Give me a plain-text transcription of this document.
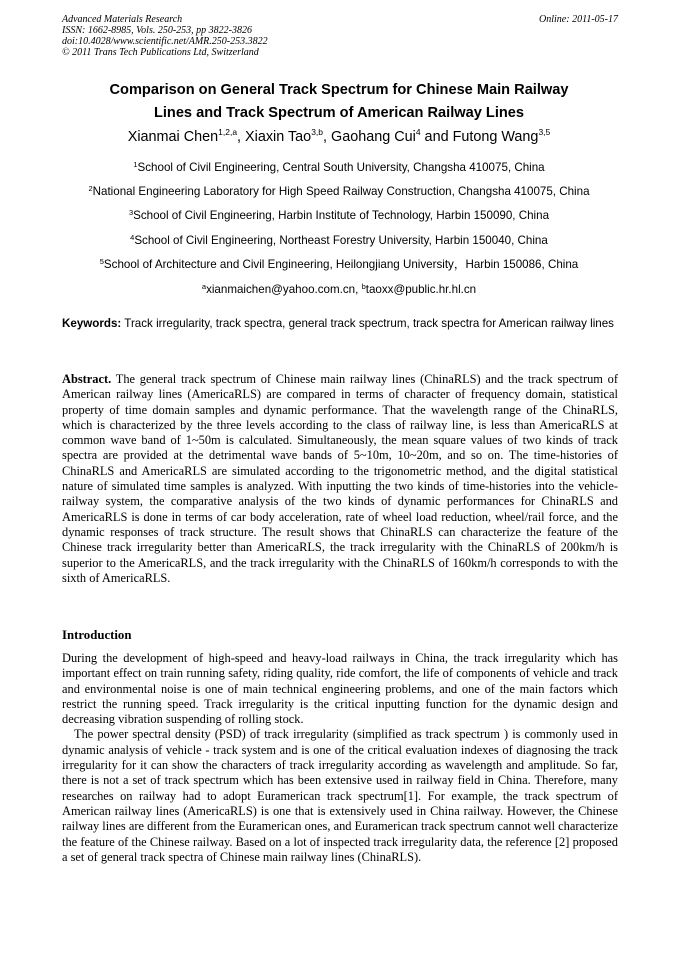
Advanced Materials Research
ISSN: 1662-8985, Vols. 250-253, pp 3822-3826
doi:10.4028/www.scientific.net/AMR.250-253.3822
© 2011 Trans Tech Publications Ltd, Switzerland
Online: 2011-05-17
Comparison on General Track Spectrum for Chinese Main Railway
Lines and Track Spectrum of American Railway Lines
Xianmai Chen$^{1,2,a}$, Xiaxin Tao$^{3,b}$, Gaohang Cui$^4$ and Futong Wang$^{3,5}$
$^1$School of Civil Engineering, Central South University, Changsha 410075, China
$^2$National Engineering Laboratory for High Speed Railway Construction, Changsha 410075, China
$^3$School of Civil Engineering, Harbin Institute of Technology, Harbin 150090, China
$^4$School of Civil Engineering, Northeast Forestry University, Harbin 150040, China
$^5$School of Architecture and Civil Engineering, Heilongjiang University，Harbin 150086, China
$^a$xianmaichen@yahoo.com.cn, $^b$taoxx@public.hr.hl.cn
Keywords: Track irregularity, track spectra, general track spectrum, track spectra for American railway lines
Abstract. The general track spectrum of Chinese main railway lines (ChinaRLS) and the track spectrum of American railway lines (AmericaRLS) are compared in terms of character of frequency domain, statistical property of time domain samples and dynamic performance. That the wavelength range of the ChinaRLS, which is characterized by the three levels according to the class of railway line, is less than AmericaRLS at common wave band of 1~50m is calculated. Simultaneously, the mean square values of two kinds of track spectra are provided at the detrimental wave bands of 5~10m, 10~20m, and so on. The time-histories of ChinaRLS and AmericaRLS are simulated according to the trigonometric method, and the digital statistical nature of simulated time samples is analyzed. With inputting the two kinds of time-histories into the vehicle-railway system, the comparative analysis of the two kinds of dynamic performances for ChinaRLS and AmericaRLS is done in terms of car body acceleration, rate of wheel load reduction, wheel/rail force, and the dynamic responses of track structure. The result shows that ChinaRLS can characterize the feature of the Chinese track irregularity better than AmericaRLS, the track irregularity with the ChinaRLS of 200km/h is superior to the AmericaRLS, and the track irregularity with the ChinaRLS of 160km/h corresponds to with the sixth of AmericaRLS.
Introduction

During the development of high-speed and heavy-load railways in China, the track irregularity which has important effect on train running safety, riding quality, ride comfort, the life of components of vehicle and track and environmental noise is one of main technical engineering problems, and one of the main factors which restrict the running speed. Track irregularity is the critical inputting function for the dynamic design and decreasing vibration suspending of rolling stock.

The power spectral density (PSD) of track irregularity (simplified as track spectrum ) is commonly used in dynamic analysis of vehicle - track system and is one of the critical evaluation indexes of diagnosing the track irregularity for it can show the characters of track irregularity according as wavelength and amplitude. So far, there is not a set of track spectrum which has been extensive used in railway field in China. Therefore, many researches on railway had to adopt Euramerican track spectrum[1]. For example, the track spectrum of American railway lines (AmericaRLS) is one that is extensively used in China railway. However, the Chinese railway lines are different from the Euramerican ones, and Euramerican track spectrum cannot well characterize the feature of the Chinese railway. Based on a lot of inspected track irregularity data, the reference [2] proposed a set of general track spectra of Chinese main railway lines (ChinaRLS).
